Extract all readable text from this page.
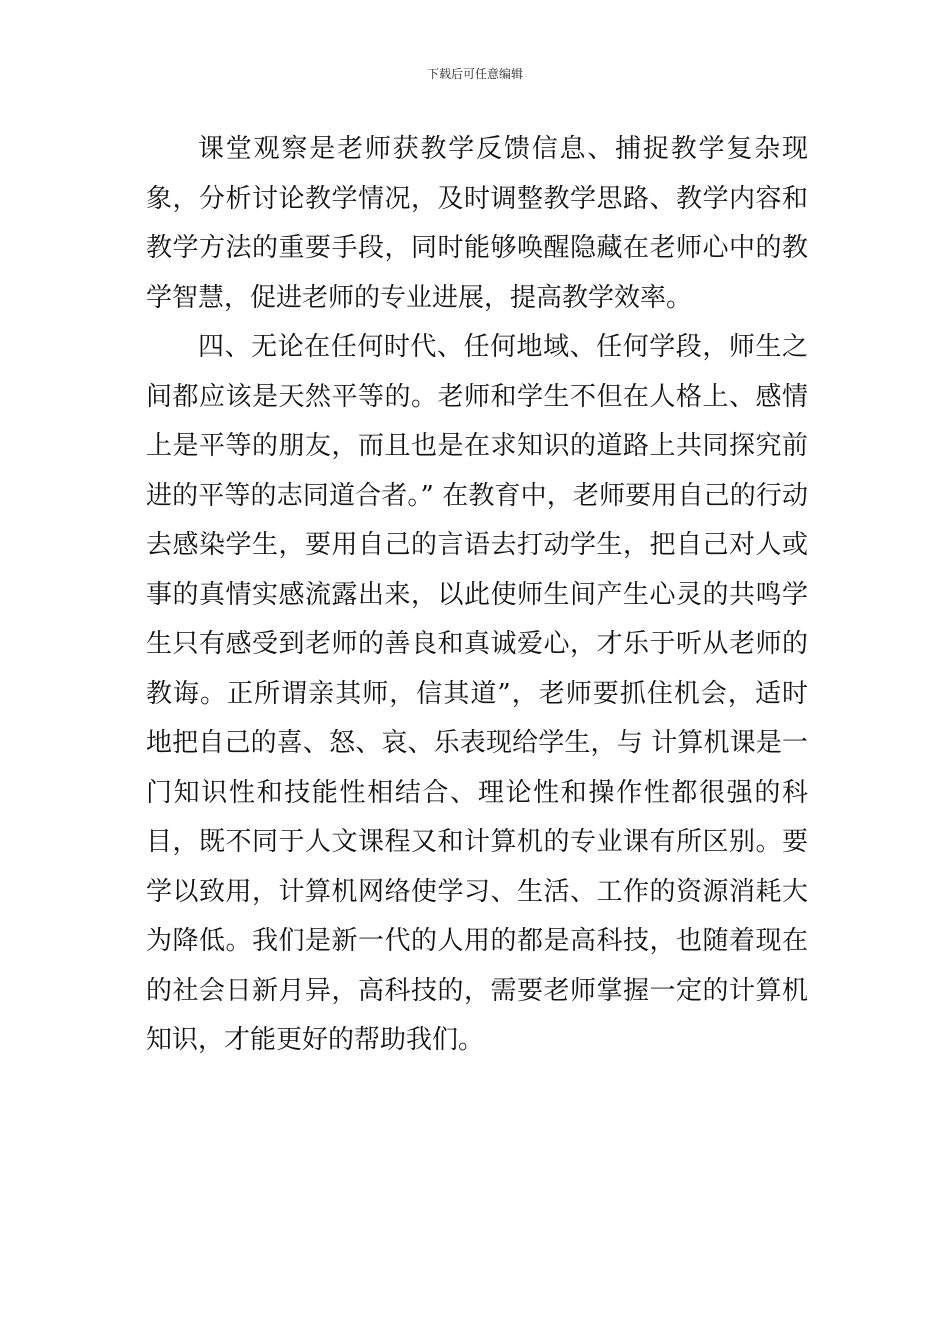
下载后可任意编辑

课堂观察是老师获教学反馈信息、捕捉教学复杂现象，分析讨论教学情况，及时调整教学思路、教学内容和教学方法的重要手段，同时能够唤醒隐藏在老师心中的教学智慧，促进老师的专业进展，提高教学效率。

四、无论在任何时代、任何地域、任何学段，师生之间都应该是天然平等的。老师和学生不但在人格上、感情上是平等的朋友，而且也是在求知识的道路上共同探究前进的平等的志同道合者。” 在教育中，老师要用自己的行动去感染学生，要用自己的言语去打动学生，把自己对人或事的真情实感流露出来，以此使师生间产生心灵的共鸣学生只有感受到老师的善良和真诚爱心，才乐于听从老师的教诲。正所谓亲其师，信其道”，老师要抓住机会，适时地把自己的喜、怒、哀、乐表现给学生，与 计算机课是一门知识性和技能性相结合、理论性和操作性都很强的科目，既不同于人文课程又和计算机的专业课有所区别。要学以致用，计算机网络使学习、生活、工作的资源消耗大为降低。我们是新一代的人用的都是高科技，也随着现在的社会日新月异，高科技的，需要老师掌握一定的计算机知识，才能更好的帮助我们。
